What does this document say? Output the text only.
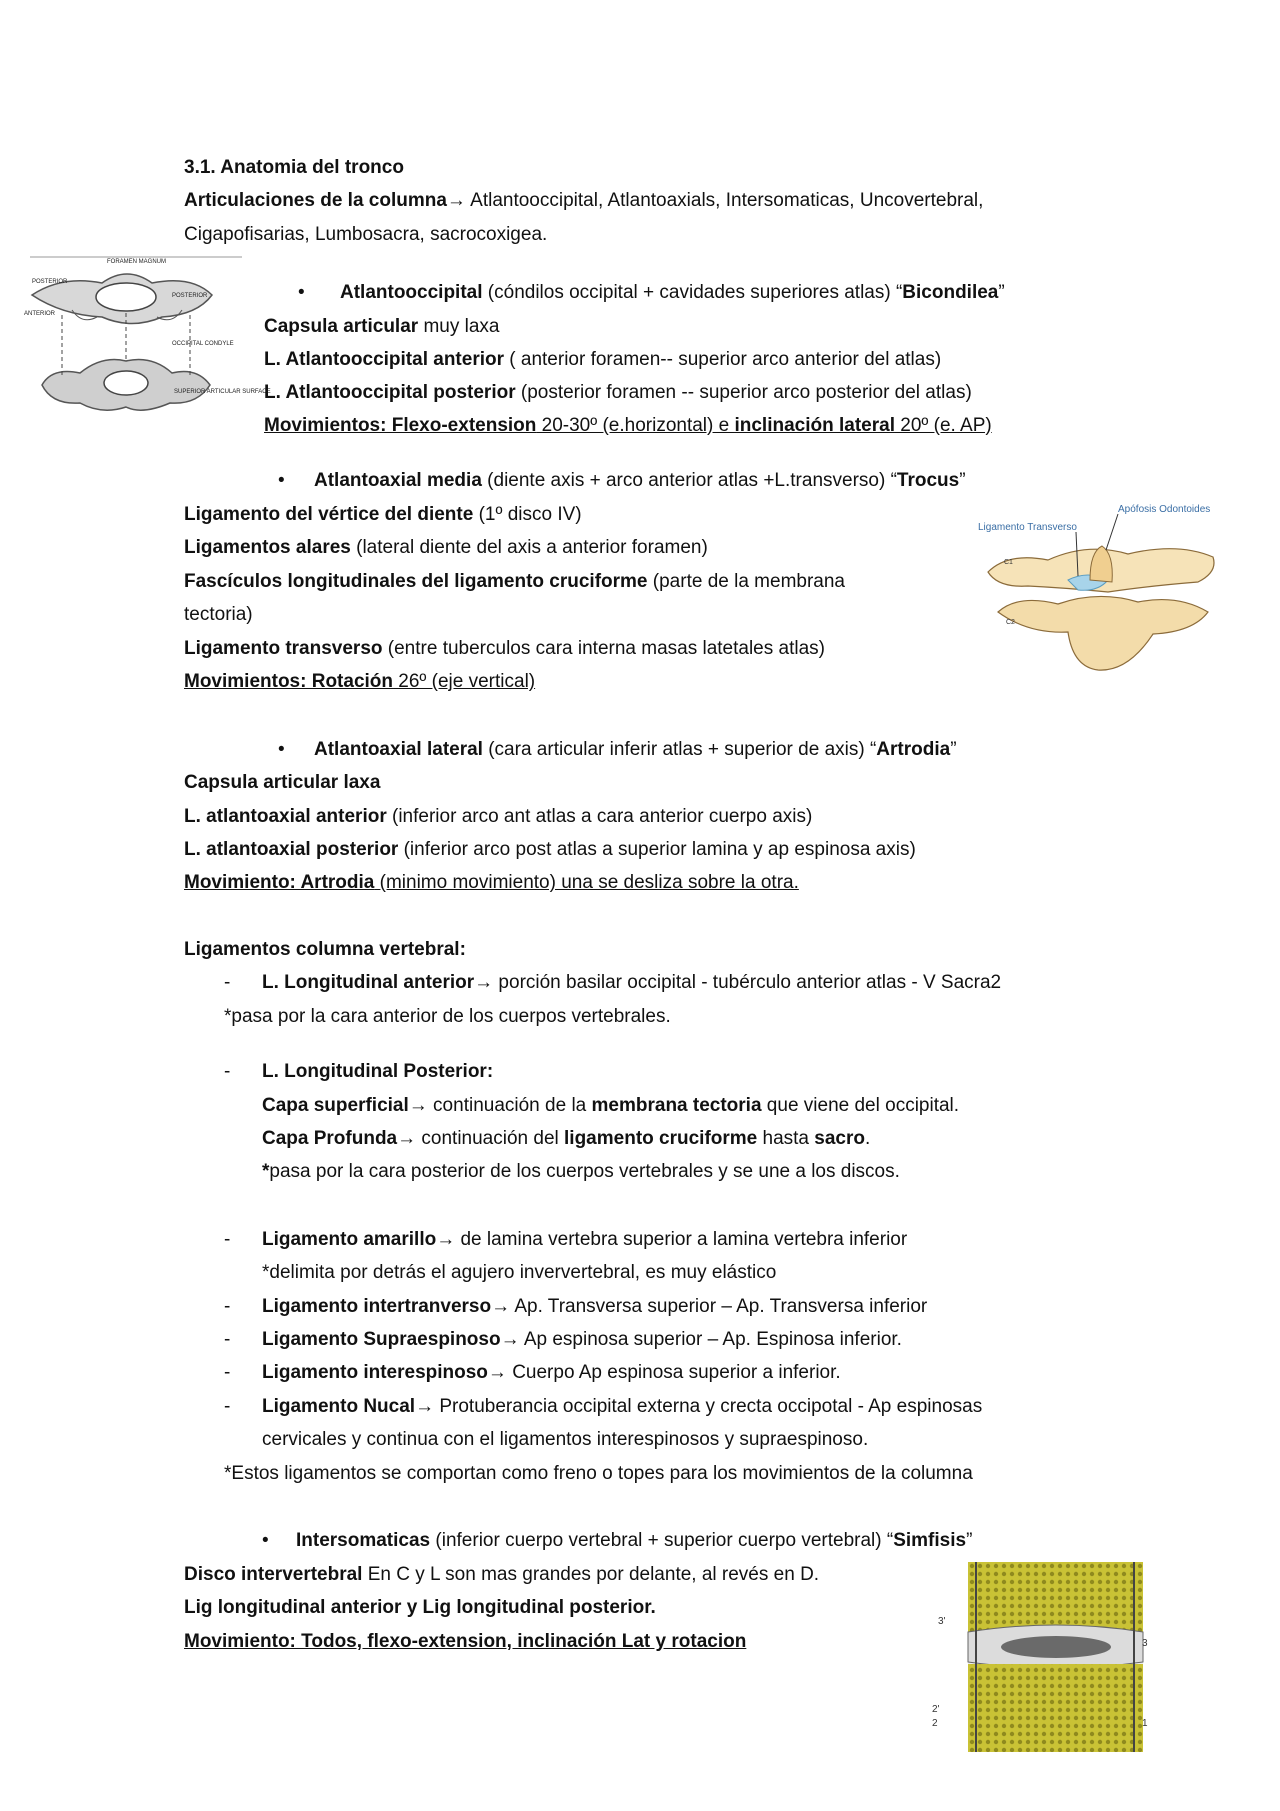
3.1. Anatomia del tronco
Articulaciones de la columna→ Atlantooccipital, Atlantoaxials, Intersomaticas, Uncovertebral,
Cigapofisarias, Lumbosacra, sacrocoxigea.
FORAMEN MAGNUM
POSTERIOR
POSTERIOR
ANTERIOR
OCCIPITAL CONDYLE
SUPERIOR ARTICULAR SURFACE
• Atlantooccipital (cóndilos occipital + cavidades superiores atlas) “Bicondilea”
Capsula articular muy laxa
L. Atlantooccipital anterior ( anterior foramen-- superior arco anterior del atlas)
L. Atlantooccipital posterior (posterior foramen -- superior arco posterior del atlas)
Movimientos: Flexo-extension 20-30º (e.horizontal) e inclinación lateral 20º (e. AP)
• Atlantoaxial media (diente axis + arco anterior atlas +L.transverso) “Trocus”
Ligamento del vértice del diente (1º disco IV)
Ligamentos alares (lateral diente del axis a anterior foramen)
Fascículos longitudinales del ligamento cruciforme (parte de la membrana
tectoria)
Ligamento transverso (entre tuberculos cara interna masas latetales atlas)
Movimientos: Rotación 26º (eje vertical)
Apófosis Odontoides
Ligamento Transverso
C1
C2
• Atlantoaxial lateral (cara articular inferir atlas + superior de axis) “Artrodia”
Capsula articular laxa
L. atlantoaxial anterior (inferior arco ant atlas a cara anterior cuerpo axis)
L. atlantoaxial posterior (inferior arco post atlas a superior lamina y ap espinosa axis)
Movimiento: Artrodia (minimo movimiento) una se desliza sobre la otra.
Ligamentos columna vertebral:
- L. Longitudinal anterior→ porción basilar occipital - tubérculo anterior atlas - V Sacra2
*pasa por la cara anterior de los cuerpos vertebrales.
- L. Longitudinal Posterior:
Capa superficial→ continuación de la membrana tectoria que viene del occipital.
Capa Profunda→ continuación del ligamento cruciforme hasta sacro.
*pasa por la cara posterior de los cuerpos vertebrales y se une a los discos.
- Ligamento amarillo→ de lamina vertebra superior a lamina vertebra inferior
*delimita por detrás el agujero inververtebral, es muy elástico
- Ligamento intertranverso→ Ap. Transversa superior – Ap. Transversa inferior
- Ligamento Supraespinoso→ Ap espinosa superior – Ap. Espinosa inferior.
- Ligamento interespinoso→ Cuerpo Ap espinosa superior a inferior.
- Ligamento Nucal→ Protuberancia occipital externa y crecta occipotal - Ap espinosas
cervicales y continua con el ligamentos interespinosos y supraespinoso.
*Estos ligamentos se comportan como freno o topes para los movimientos de la columna
• Intersomaticas (inferior cuerpo vertebral + superior cuerpo vertebral) “Simfisis”
Disco intervertebral En C y L son mas grandes por delante, al revés en D.
Lig longitudinal anterior y Lig longitudinal posterior.
Movimiento: Todos, flexo-extension, inclinación Lat y rotacion
3'
3
2'
2	1
